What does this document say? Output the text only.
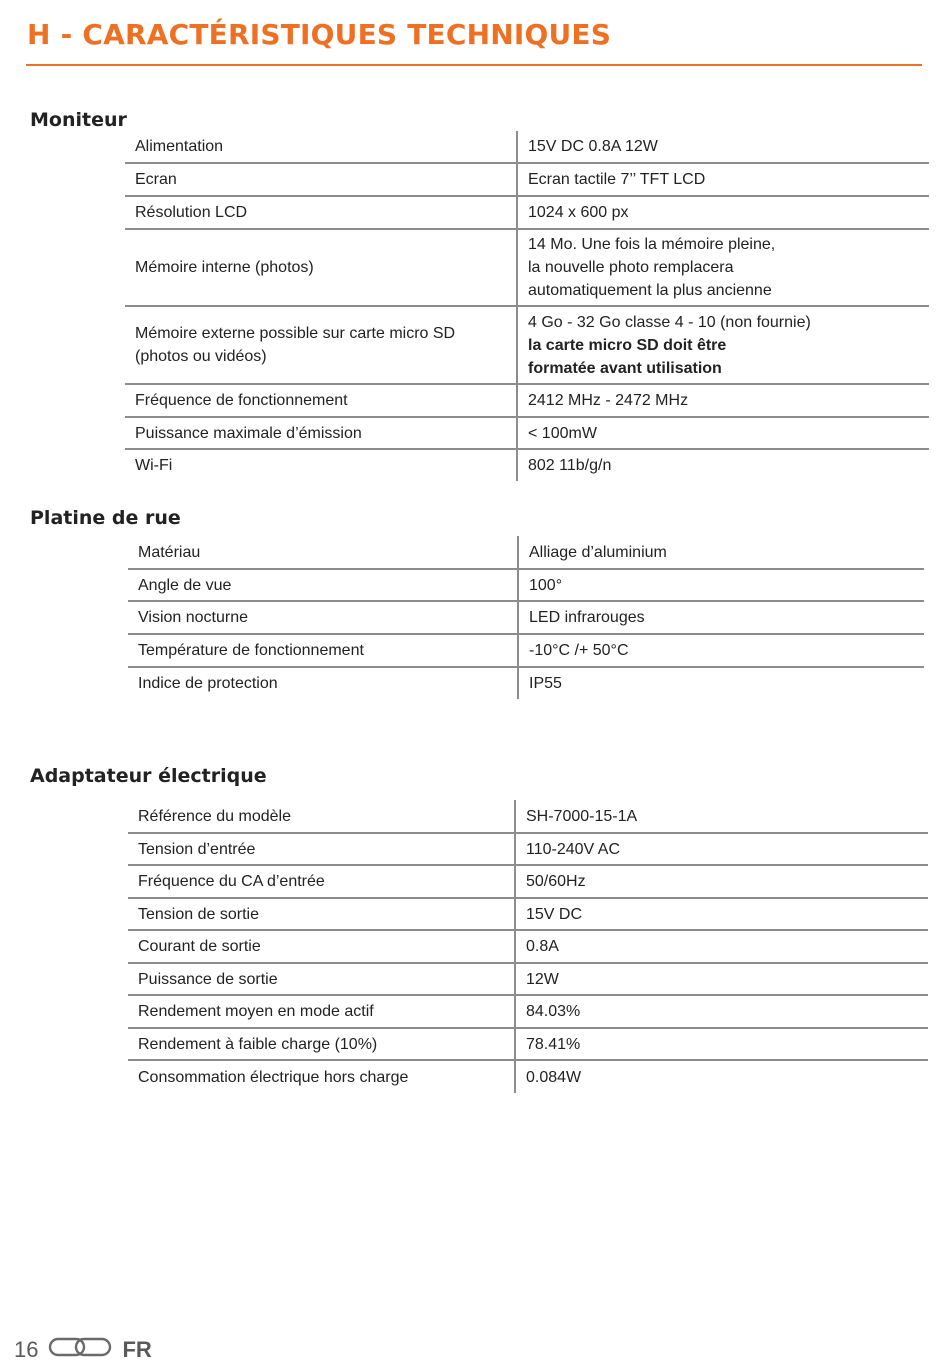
H - CARACTÉRISTIQUES TECHNIQUES
Moniteur
Alimentation	15V DC 0.8A 12W
Ecran	Ecran tactile 7’’ TFT LCD
Résolution LCD	1024 x 600 px
Mémoire interne (photos)	14 Mo. Une fois la mémoire pleine,
la nouvelle photo remplacera
automatiquement la plus ancienne

Mémoire externe possible sur carte micro SD
(photos ou vidéos)	4 Go - 32 Go classe 4 - 10 (non fournie)
la carte micro SD doit être
formatée avant utilisation

Fréquence de fonctionnement	2412 MHz - 2472 MHz
Puissance maximale d’émission	< 100mW
Wi-Fi	802 11b/g/n
Platine de rue
Matériau	Alliage d’aluminium
Angle de vue	100°
Vision nocturne	LED infrarouges
Température de fonctionnement	-10°C /+ 50°C
Indice de protection	IP55
Adaptateur électrique
Référence du modèle	SH-7000-15-1A
Tension d’entrée	110-240V AC
Fréquence du CA d’entrée	50/60Hz
Tension de sortie	15V DC
Courant de sortie	0.8A
Puissance de sortie	12W
Rendement moyen en mode actif	84.03%
Rendement à faible charge (10%)	78.41%
Consommation électrique hors charge	0.084W
16	FR
